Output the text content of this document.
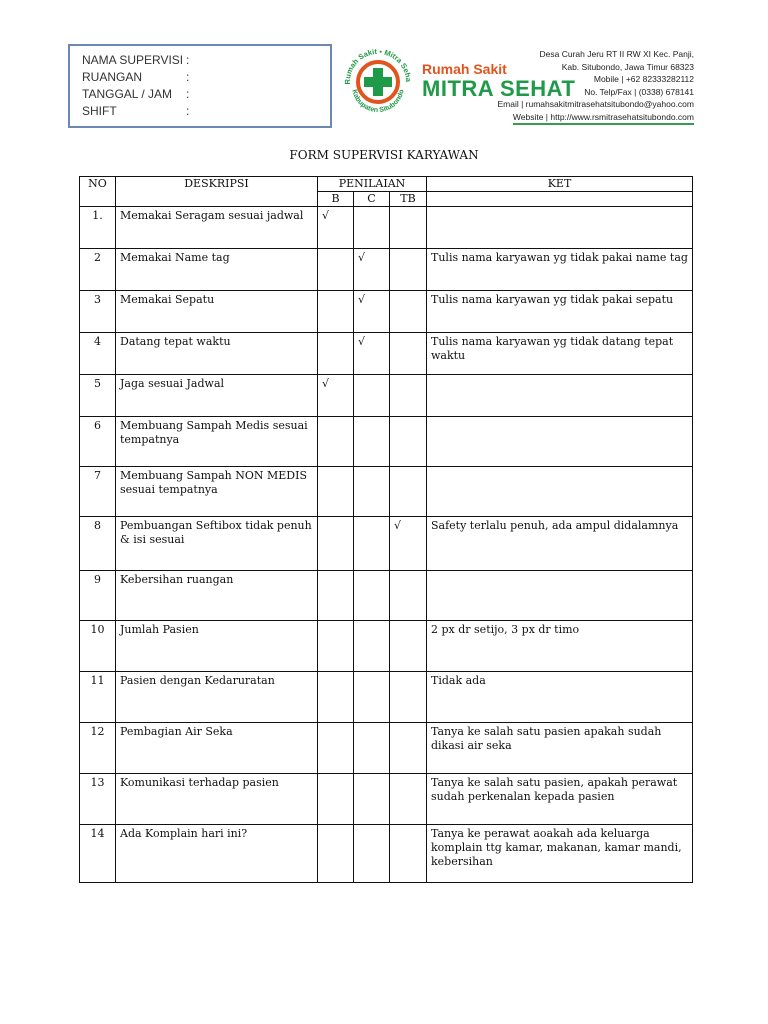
NAMA SUPERVISI :
RUANGAN	:
TANGGAL / JAM	:
SHIFT	:
Rumah Sakit • Mitra Seha
Kabupaten Situbondo
Rumah Sakit
MITRA SEHAT
Desa Curah Jeru RT II RW XI Kec. Panji,
Kab. Situbondo, Jawa Timur 68323
Mobile | +62 82333282112
No. Telp/Fax | (0338) 678141
Email | rumahsakitmitrasehatsitubondo@yahoo.com
Website | http://www.rsmitrasehatsitubondo.com
FORM SUPERVISI KARYAWAN
NO	DESKRIPSI	PENILAIAN			KET
		B	C	TB	
1.	Memakai Seragam sesuai jadwal	√			
2	Memakai Name tag		√		Tulis nama karyawan yg tidak pakai name tag
3	Memakai Sepatu		√		Tulis nama karyawan yg tidak pakai sepatu
4	Datang tepat waktu		√		Tulis nama karyawan yg tidak datang tepat waktu
5	Jaga sesuai Jadwal	√			
6	Membuang Sampah Medis sesuai tempatnya				
7	Membuang Sampah NON MEDIS sesuai tempatnya				
8	Pembuangan Seftibox tidak penuh & isi sesuai			√	Safety terlalu penuh, ada ampul didalamnya
9	Kebersihan ruangan				
10	Jumlah Pasien				2 px dr setijo, 3 px dr timo
11	Pasien dengan Kedaruratan				Tidak ada
12	Pembagian Air Seka				Tanya ke salah satu pasien apakah sudah dikasi air seka
13	Komunikasi terhadap pasien				Tanya ke salah satu pasien, apakah perawat sudah perkenalan kepada pasien
14	Ada Komplain hari ini?				Tanya ke perawat aoakah ada keluarga komplain ttg kamar, makanan, kamar mandi, kebersihan
